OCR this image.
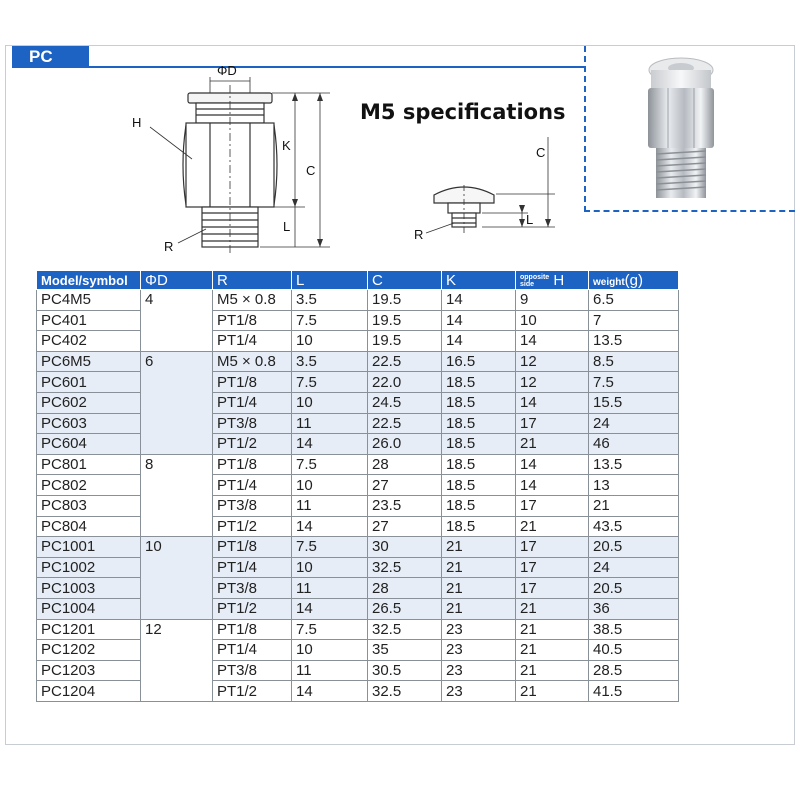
PC
ΦD
H
K
C
L
R
M5 specifications
C
L
R
Model/symbol	ΦD	R	L	C	K	opposite
side H	weight(g)
PC4M5	4	M5 × 0.8	3.5	19.5	14	9	6.5
PC401		PT1/8	7.5	19.5	14	10	7
PC402		PT1/4	10	19.5	14	14	13.5
PC6M5	6	M5 × 0.8	3.5	22.5	16.5	12	8.5
PC601		PT1/8	7.5	22.0	18.5	12	7.5
PC602		PT1/4	10	24.5	18.5	14	15.5
PC603		PT3/8	11	22.5	18.5	17	24
PC604		PT1/2	14	26.0	18.5	21	46
PC801	8	PT1/8	7.5	28	18.5	14	13.5
PC802		PT1/4	10	27	18.5	14	13
PC803		PT3/8	11	23.5	18.5	17	21
PC804		PT1/2	14	27	18.5	21	43.5
PC1001	10	PT1/8	7.5	30	21	17	20.5
PC1002		PT1/4	10	32.5	21	17	24
PC1003		PT3/8	11	28	21	17	20.5
PC1004		PT1/2	14	26.5	21	21	36
PC1201	12	PT1/8	7.5	32.5	23	21	38.5
PC1202		PT1/4	10	35	23	21	40.5
PC1203		PT3/8	11	30.5	23	21	28.5
PC1204		PT1/2	14	32.5	23	21	41.5
